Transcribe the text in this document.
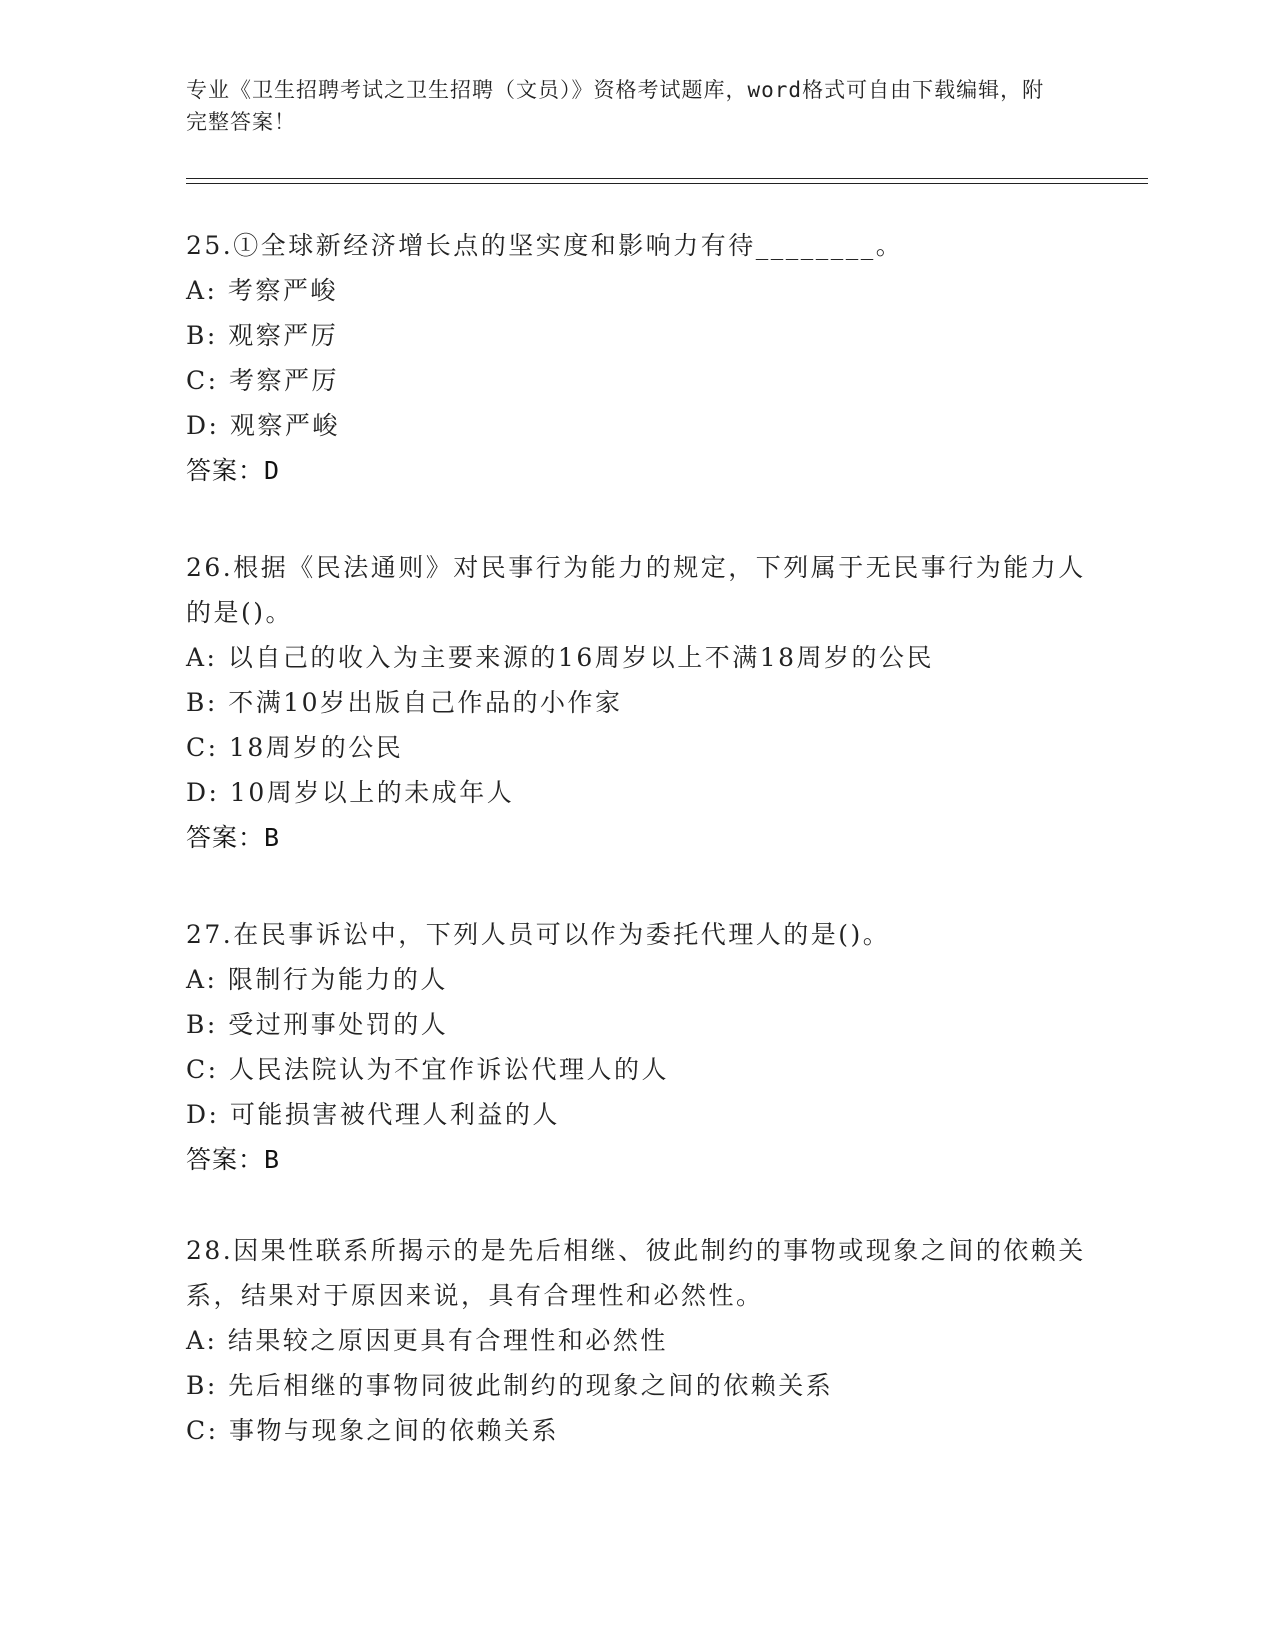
专业《卫生招聘考试之卫生招聘（文员）》资格考试题库，word格式可自由下载编辑，附完整答案！

25.①全球新经济增长点的坚实度和影响力有待________。

A: 考察严峻

B: 观察严厉

C: 考察严厉

D: 观察严峻

答案：D

26.根据《民法通则》对民事行为能力的规定，下列属于无民事行为能力人的是()。

A: 以自己的收入为主要来源的16周岁以上不满18周岁的公民

B: 不满10岁出版自己作品的小作家

C: 18周岁的公民

D: 10周岁以上的未成年人

答案：B

27.在民事诉讼中，下列人员可以作为委托代理人的是()。

A: 限制行为能力的人

B: 受过刑事处罚的人

C: 人民法院认为不宜作诉讼代理人的人

D: 可能损害被代理人利益的人

答案：B

28.因果性联系所揭示的是先后相继、彼此制约的事物或现象之间的依赖关系，结果对于原因来说，具有合理性和必然性。

A: 结果较之原因更具有合理性和必然性

B: 先后相继的事物同彼此制约的现象之间的依赖关系

C: 事物与现象之间的依赖关系
